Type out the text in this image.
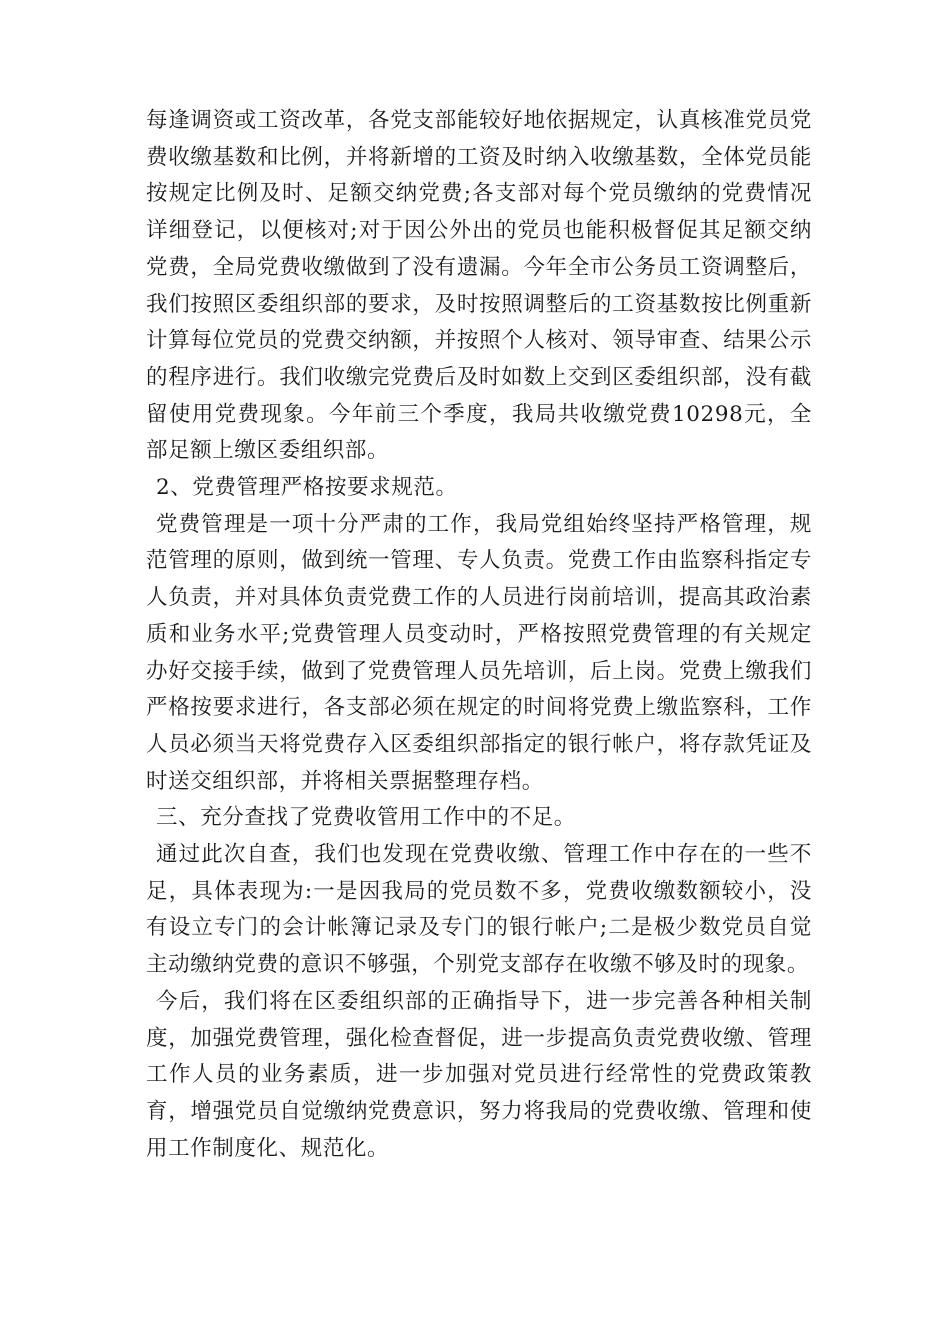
每逢调资或工资改革，各党支部能较好地依据规定，认真核准党员党费收缴基数和比例，并将新增的工资及时纳入收缴基数，全体党员能按规定比例及时、足额交纳党费;各支部对每个党员缴纳的党费情况详细登记，以便核对;对于因公外出的党员也能积极督促其足额交纳党费，全局党费收缴做到了没有遗漏。今年全市公务员工资调整后，我们按照区委组织部的要求，及时按照调整后的工资基数按比例重新计算每位党员的党费交纳额，并按照个人核对、领导审查、结果公示的程序进行。我们收缴完党费后及时如数上交到区委组织部，没有截留使用党费现象。今年前三个季度，我局共收缴党费10298元，全部足额上缴区委组织部。

2、党费管理严格按要求规范。

党费管理是一项十分严肃的工作，我局党组始终坚持严格管理，规范管理的原则，做到统一管理、专人负责。党费工作由监察科指定专人负责，并对具体负责党费工作的人员进行岗前培训，提高其政治素质和业务水平;党费管理人员变动时，严格按照党费管理的有关规定办好交接手续，做到了党费管理人员先培训，后上岗。党费上缴我们严格按要求进行，各支部必须在规定的时间将党费上缴监察科，工作人员必须当天将党费存入区委组织部指定的银行帐户，将存款凭证及时送交组织部，并将相关票据整理存档。

三、充分查找了党费收管用工作中的不足。

通过此次自查，我们也发现在党费收缴、管理工作中存在的一些不足，具体表现为:一是因我局的党员数不多，党费收缴数额较小，没有设立专门的会计帐簿记录及专门的银行帐户;二是极少数党员自觉主动缴纳党费的意识不够强，个别党支部存在收缴不够及时的现象。

今后，我们将在区委组织部的正确指导下，进一步完善各种相关制度，加强党费管理，强化检查督促，进一步提高负责党费收缴、管理工作人员的业务素质，进一步加强对党员进行经常性的党费政策教育，增强党员自觉缴纳党费意识，努力将我局的党费收缴、管理和使用工作制度化、规范化。
